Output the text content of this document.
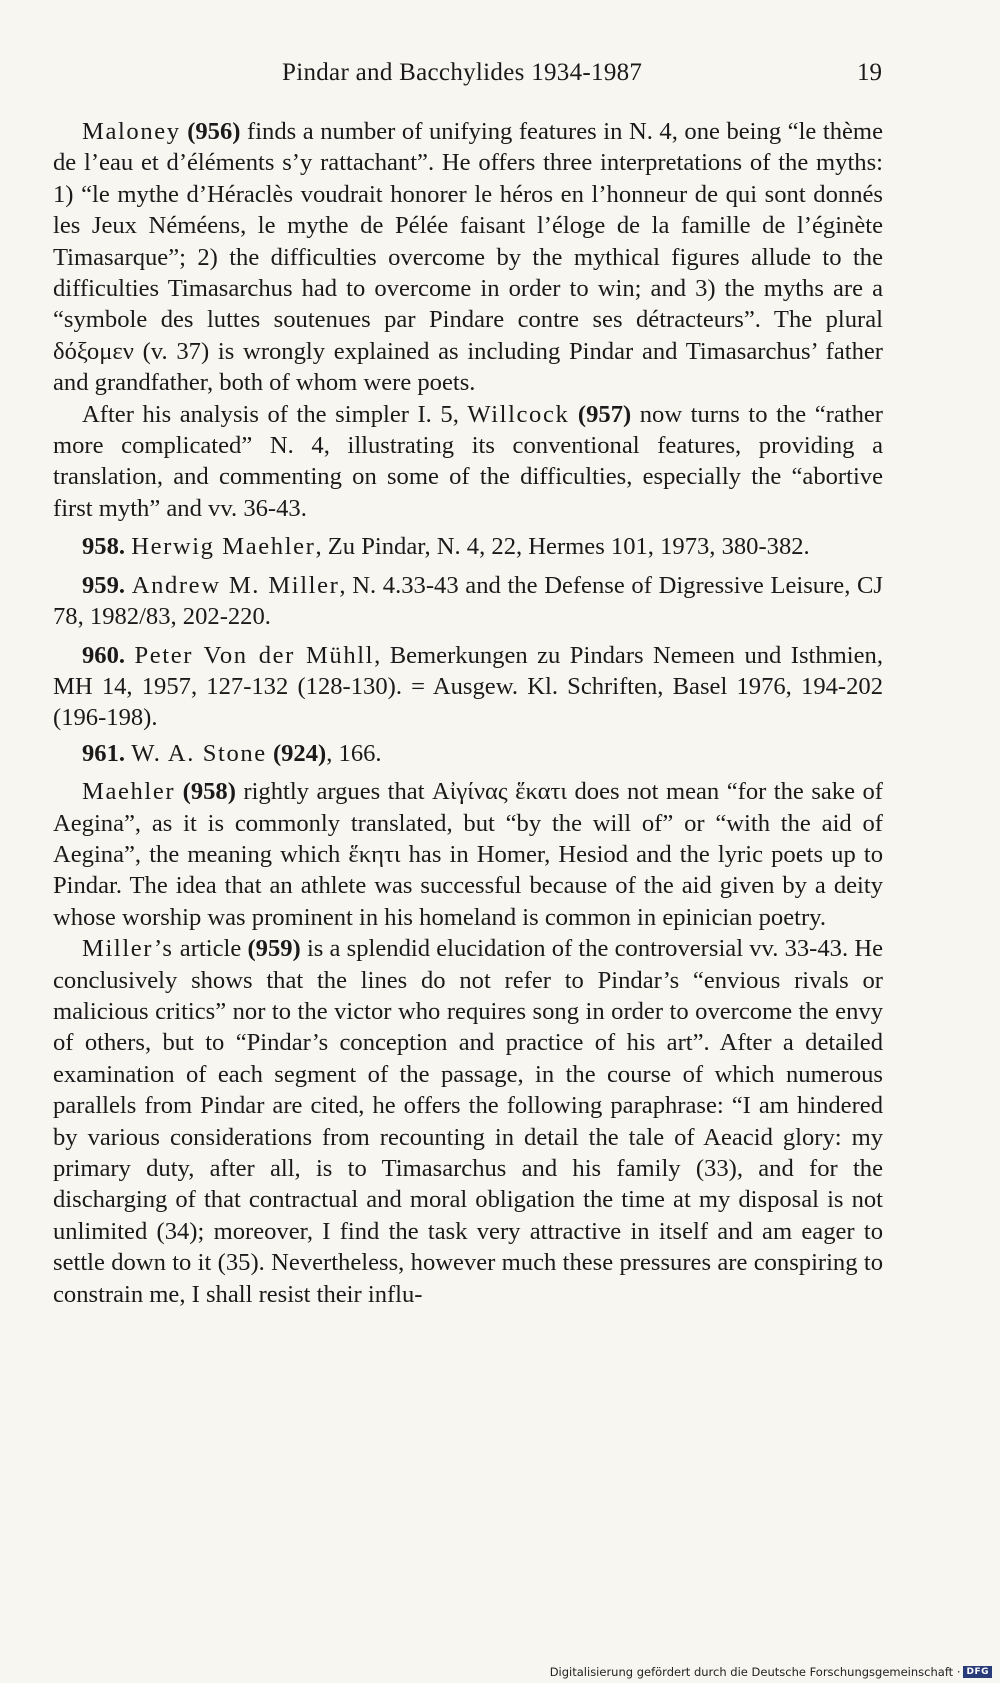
Pindar and Bacchylides 1934-1987	19

Maloney (956) finds a number of unifying features in N. 4, one being “le thème de l’eau et d’éléments s’y rattachant”. He offers three interpretations of the myths: 1) “le mythe d’Héraclès voudrait honorer le héros en l’honneur de qui sont donnés les Jeux Néméens, le mythe de Pélée faisant l’éloge de la famille de l’éginète Timasarque”; 2) the difficulties overcome by the mythical figures allude to the difficulties Timasarchus had to overcome in order to win; and 3) the myths are a “symbole des luttes soutenues par Pindare contre ses détracteurs”. The plural δόξομεν (v. 37) is wrongly explained as including Pindar and Timasarchus’ father and grandfather, both of whom were poets.

After his analysis of the simpler I. 5, Willcock (957) now turns to the “rather more complicated” N. 4, illustrating its conventional features, providing a translation, and commenting on some of the difficulties, especially the “abortive first myth” and vv. 36-43.

958. Herwig Maehler, Zu Pindar, N. 4, 22, Hermes 101, 1973, 380-382.

959. Andrew M. Miller, N. 4.33-43 and the Defense of Digressive Leisure, CJ 78, 1982/83, 202-220.

960. Peter Von der Mühll, Bemerkungen zu Pindars Nemeen und Isthmien, MH 14, 1957, 127-132 (128-130). = Ausgew. Kl. Schriften, Basel 1976, 194-202 (196-198).

961. W. A. Stone (924), 166.

Maehler (958) rightly argues that Αἰγίνας ἕκατι does not mean “for the sake of Aegina”, as it is commonly translated, but “by the will of” or “with the aid of Aegina”, the meaning which ἕκητι has in Homer, Hesiod and the lyric poets up to Pindar. The idea that an athlete was successful because of the aid given by a deity whose worship was prominent in his homeland is common in epinician poetry.

Miller’s article (959) is a splendid elucidation of the controversial vv. 33-43. He conclusively shows that the lines do not refer to Pindar’s “envious rivals or malicious critics” nor to the victor who requires song in order to overcome the envy of others, but to “Pindar’s conception and practice of his art”. After a detailed examination of each segment of the passage, in the course of which numerous parallels from Pindar are cited, he offers the following paraphrase: “I am hindered by various considerations from recounting in detail the tale of Aeacid glory: my primary duty, after all, is to Timasarchus and his family (33), and for the discharging of that contractual and moral obligation the time at my disposal is not unlimited (34); moreover, I find the task very attractive in itself and am eager to settle down to it (35). Nevertheless, however much these pressures are conspiring to constrain me, I shall resist their influ-

Digitalisierung gefördert durch die Deutsche Forschungsgemeinschaft · DFG
